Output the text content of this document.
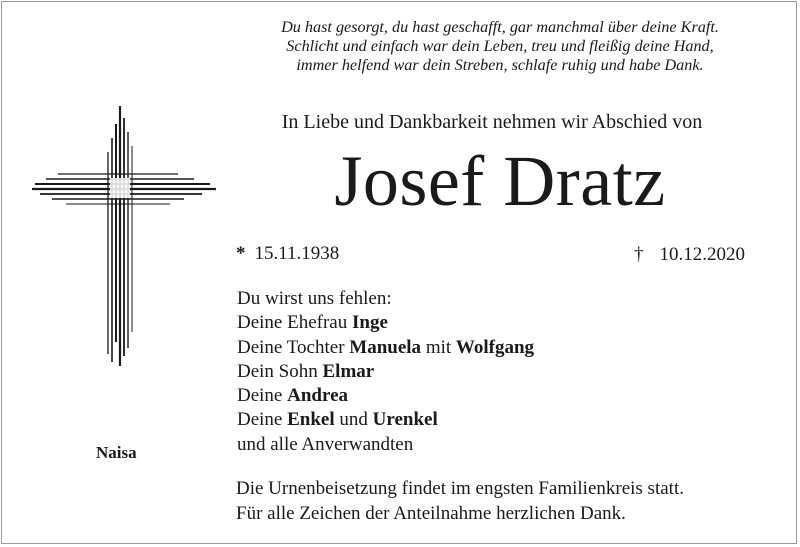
Du hast gesorgt, du hast geschafft, gar manchmal über deine Kraft.
Schlicht und einfach war dein Leben, treu und fleißig deine Hand,
immer helfend war dein Streben, schlafe ruhig und habe Dank.
Naisa
In Liebe und Dankbarkeit nehmen wir Abschied von
Josef Dratz
* 15.11.1938	† 10.12.2020
Du wirst uns fehlen:
Deine Ehefrau Inge
Deine Tochter Manuela mit Wolfgang
Dein Sohn Elmar
Deine Andrea
Deine Enkel und Urenkel
und alle Anverwandten
Die Urnenbeisetzung findet im engsten Familienkreis statt.
Für alle Zeichen der Anteilnahme herzlichen Dank.
